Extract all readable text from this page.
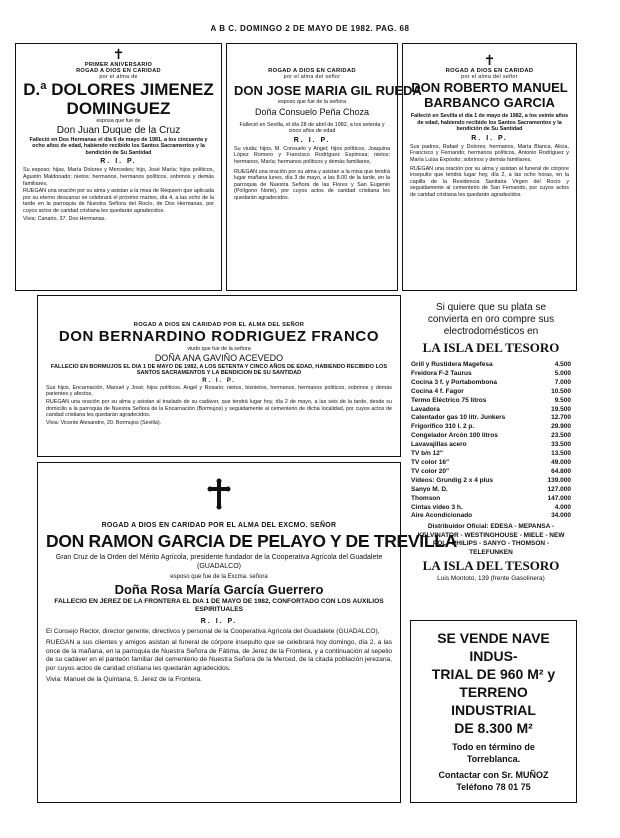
A B C. DOMINGO 2 DE MAYO DE 1982. PAG. 68
✝
PRIMER ANIVERSARIO
ROGAD A DIOS EN CARIDAD
por el alma de
D.ª DOLORES JIMENEZ
DOMINGUEZ
esposa que fue de
Don Juan Duque de la Cruz
Falleció en Dos Hermanas el día 6 de mayo de 1981, a los cincuenta y ocho años de edad, habiendo recibido los Santos Sacramentos y la bendición de Su Santidad
R. I. P.
Su esposo; hijas, María Dolores y Mercedes; hijo, José María; hijos políticos, Agustín Maldonado; nietos; hermanos, hermanos políticos, sobrinos y demás familiares,
RUEGAN una oración por su alma y asistan a la misa de Réquiem que aplicada por su eterno descanso se celebrará el próximo martes, día 4, a las ocho de la tarde en la parroquia de Nuestra Señora del Rocío, de Dos Hermanas, por cuyos actos de caridad cristiana les quedarán agradecidos.
Vivia: Canario, 37. Dos Hermanas.
ROGAD A DIOS EN CARIDAD
por el alma del señor
DON JOSE MARIA GIL RUEDA
esposo que fue de la señora
Doña Consuelo Peña Choza
Falleció en Sevilla, el día 28 de abril de 1982, a los setenta y cinco años de edad
R. I. P.
Su viuda; hijos, M. Consuelo y Angel; hijos políticos, Joaquina López Romero y Francisco Rodríguez Espinosa; nietos; hermanos, María; hermanos políticos y demás familiares,
RUEGAN una oración por su alma y asistan a la misa que tendrá lugar mañana lunes, día 3 de mayo, a las 8.00 de la tarde, en la parroquia de Nuestra Señora de las Flores y San Eugenio (Polígono Norte), por cuyos actos de caridad cristiana les quedarán agradecidos.
✝
ROGAD A DIOS EN CARIDAD
por el alma del señor
DON ROBERTO MANUEL
BARBANCO GARCIA
Falleció en Sevilla el día 1 de mayo de 1982, a los veinte años de edad, habiendo recibido los Santos Sacramentos y la bendición de Su Santidad
R. I. P.
Sus padres, Rafael y Dolores; hermanos, María Blanca, Alicia, Francisco y Fernando; hermanos políticos, Antonio Rodríguez y María Luisa Expósito; sobrinos y demás familiares,
RUEGAN una oración por su alma y asistan al funeral de córpore insepulto que tendrá lugar hoy, día 2, a las ocho horas, en la capilla de la Residencia Sanitaria Virgen del Rocío y seguidamente al cementerio de San Fernando, por cuyos actos de caridad cristiana les quedarán agradecidos.
ROGAD A DIOS EN CARIDAD POR EL ALMA DEL SEÑOR
DON BERNARDINO RODRIGUEZ FRANCO
viudo que fue de la señora
DOÑA ANA GAVIÑO ACEVEDO
FALLECIO EN BORMUJOS EL DIA 1 DE MAYO DE 1982, A LOS SETENTA Y CINCO AÑOS DE EDAD, HABIENDO RECIBIDO LOS SANTOS SACRAMENTOS Y LA BENDICION DE SU SANTIDAD
R. I. P.
Sus hijos, Encarnación, Manuel y José; hijos políticos, Angel y Rosario; nietos, bisnietos, hermanos, hermanos políticos, sobrinos y demás parientes y afectos,
RUEGAN una oración por su alma y asistan al traslado de su cadáver, que tendrá lugar hoy, día 2 de mayo, a las seis de la tarde, desde su domicilio a la parroquia de Nuestra Señora de la Encarnación (Bormujos) y seguidamente al cementerio de dicha localidad, por cuyos actos de caridad cristiana les quedarán agradecidos.
Vivia: Vicente Alexandre, 20. Bormujos (Sevilla).
ROGAD A DIOS EN CARIDAD POR EL ALMA DEL EXCMO. SEÑOR
DON RAMON GARCIA DE PELAYO Y DE TREVILLA
Gran Cruz de la Orden del Mérito Agrícola, presidente fundador de la Cooperativa Agrícola del Guadalete (GUADALCO)
esposo que fue de la Excma. señora
Doña Rosa María García Guerrero
FALLECIO EN JEREZ DE LA FRONTERA EL DIA 1 DE MAYO DE 1982, CONFORTADO CON LOS AUXILIOS ESPIRITUALES
R. I. P.
El Consejo Rector, director gerente, directivos y personal de la Cooperativa Agrícola del Guadalete (GUADALCO),
RUEGAN a sus clientes y amigos asistan al funeral de córpore insepulto que se celebrará hoy domingo, día 2, a las once de la mañana, en la parroquia de Nuestra Señora de Fátima, de Jerez de la Frontera, y a continuación al sepelio de su cadáver en el panteón familiar del cementerio de Nuestra Señora de la Merced, de la citada población jerezana, por cuyos actos de caridad cristiana les quedarán agradecidos.
Vivia: Manuel de la Quintana, 5. Jerez de la Frontera.
Si quiere que su plata se
convierta en oro compre sus
electrodomésticos en
LA ISLA DEL TESORO
Grill y Rustidera Magefesa	4.500
Freidora F-2 Taurus	5.000
Cocina 3 f. y Portabombona	7.000
Cocina 4 f. Fagor	10.500
Termo Eléctrico 75 litros	9.500
Lavadora	19.500
Calentador gas 10 litr. Junkers	12.700
Frigorífico 310 l. 2 p.	29.900
Congelador Arcón 100 litros	23.500
Lavavajillas acero	33.500
TV b/n 12"	13.500
TV color 16"	49.000
TV color 20"	64.800
Vídeos: Grundig 2 x 4 plus	139.000
Sanyo M. D.	127.000
Thomson	147.000
Cintas vídeo 3 h.	4.000
Aire Acondicionado	34.000
Distribuidor Oficial: EDESA - MEPANSA - KELVINATOR - WESTINGHOUSE - MIELE - NEW POL - PHILIPS - SANYO - THOMSON - TELEFUNKEN
LA ISLA DEL TESORO
Luis Montoto, 139 (frente Gasolinera)
SE VENDE NAVE INDUS-
TRIAL DE 960 M² y
TERRENO INDUSTRIAL
DE 8.300 M²
Todo en término de
Torreblanca.
Contactar con Sr. MUÑOZ
Teléfono 78 01 75
